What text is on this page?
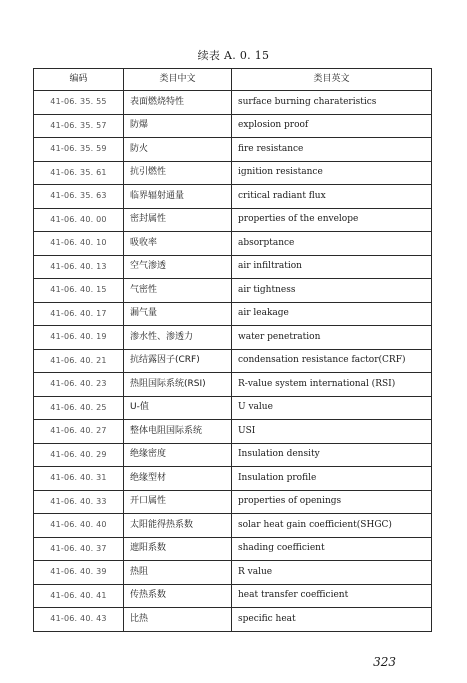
续表 A. 0. 15
编码	类目中文	类目英文
41-06. 35. 55	表面燃烧特性	surface burning charateristics
41-06. 35. 57	防爆	explosion proof
41-06. 35. 59	防火	fire resistance
41-06. 35. 61	抗引燃性	ignition resistance
41-06. 35. 63	临界辐射通量	critical radiant flux
41-06. 40. 00	密封属性	properties of the envelope
41-06. 40. 10	吸收率	absorptance
41-06. 40. 13	空气渗透	air infiltration
41-06. 40. 15	气密性	air tightness
41-06. 40. 17	漏气量	air leakage
41-06. 40. 19	渗水性、渗透力	water penetration
41-06. 40. 21	抗结露因子(CRF)	condensation resistance factor(CRF)
41-06. 40. 23	热阻国际系统(RSI)	R-value system international (RSI)
41-06. 40. 25	U-值	U value
41-06. 40. 27	整体电阻国际系统	USI
41-06. 40. 29	绝缘密度	Insulation density
41-06. 40. 31	绝缘型材	Insulation profile
41-06. 40. 33	开口属性	properties of openings
41-06. 40. 40	太阳能得热系数	solar heat gain coefficient(SHGC)
41-06. 40. 37	遮阳系数	shading coefficient
41-06. 40. 39	热阻	R value
41-06. 40. 41	传热系数	heat transfer coefficient
41-06. 40. 43	比热	specific heat
323
